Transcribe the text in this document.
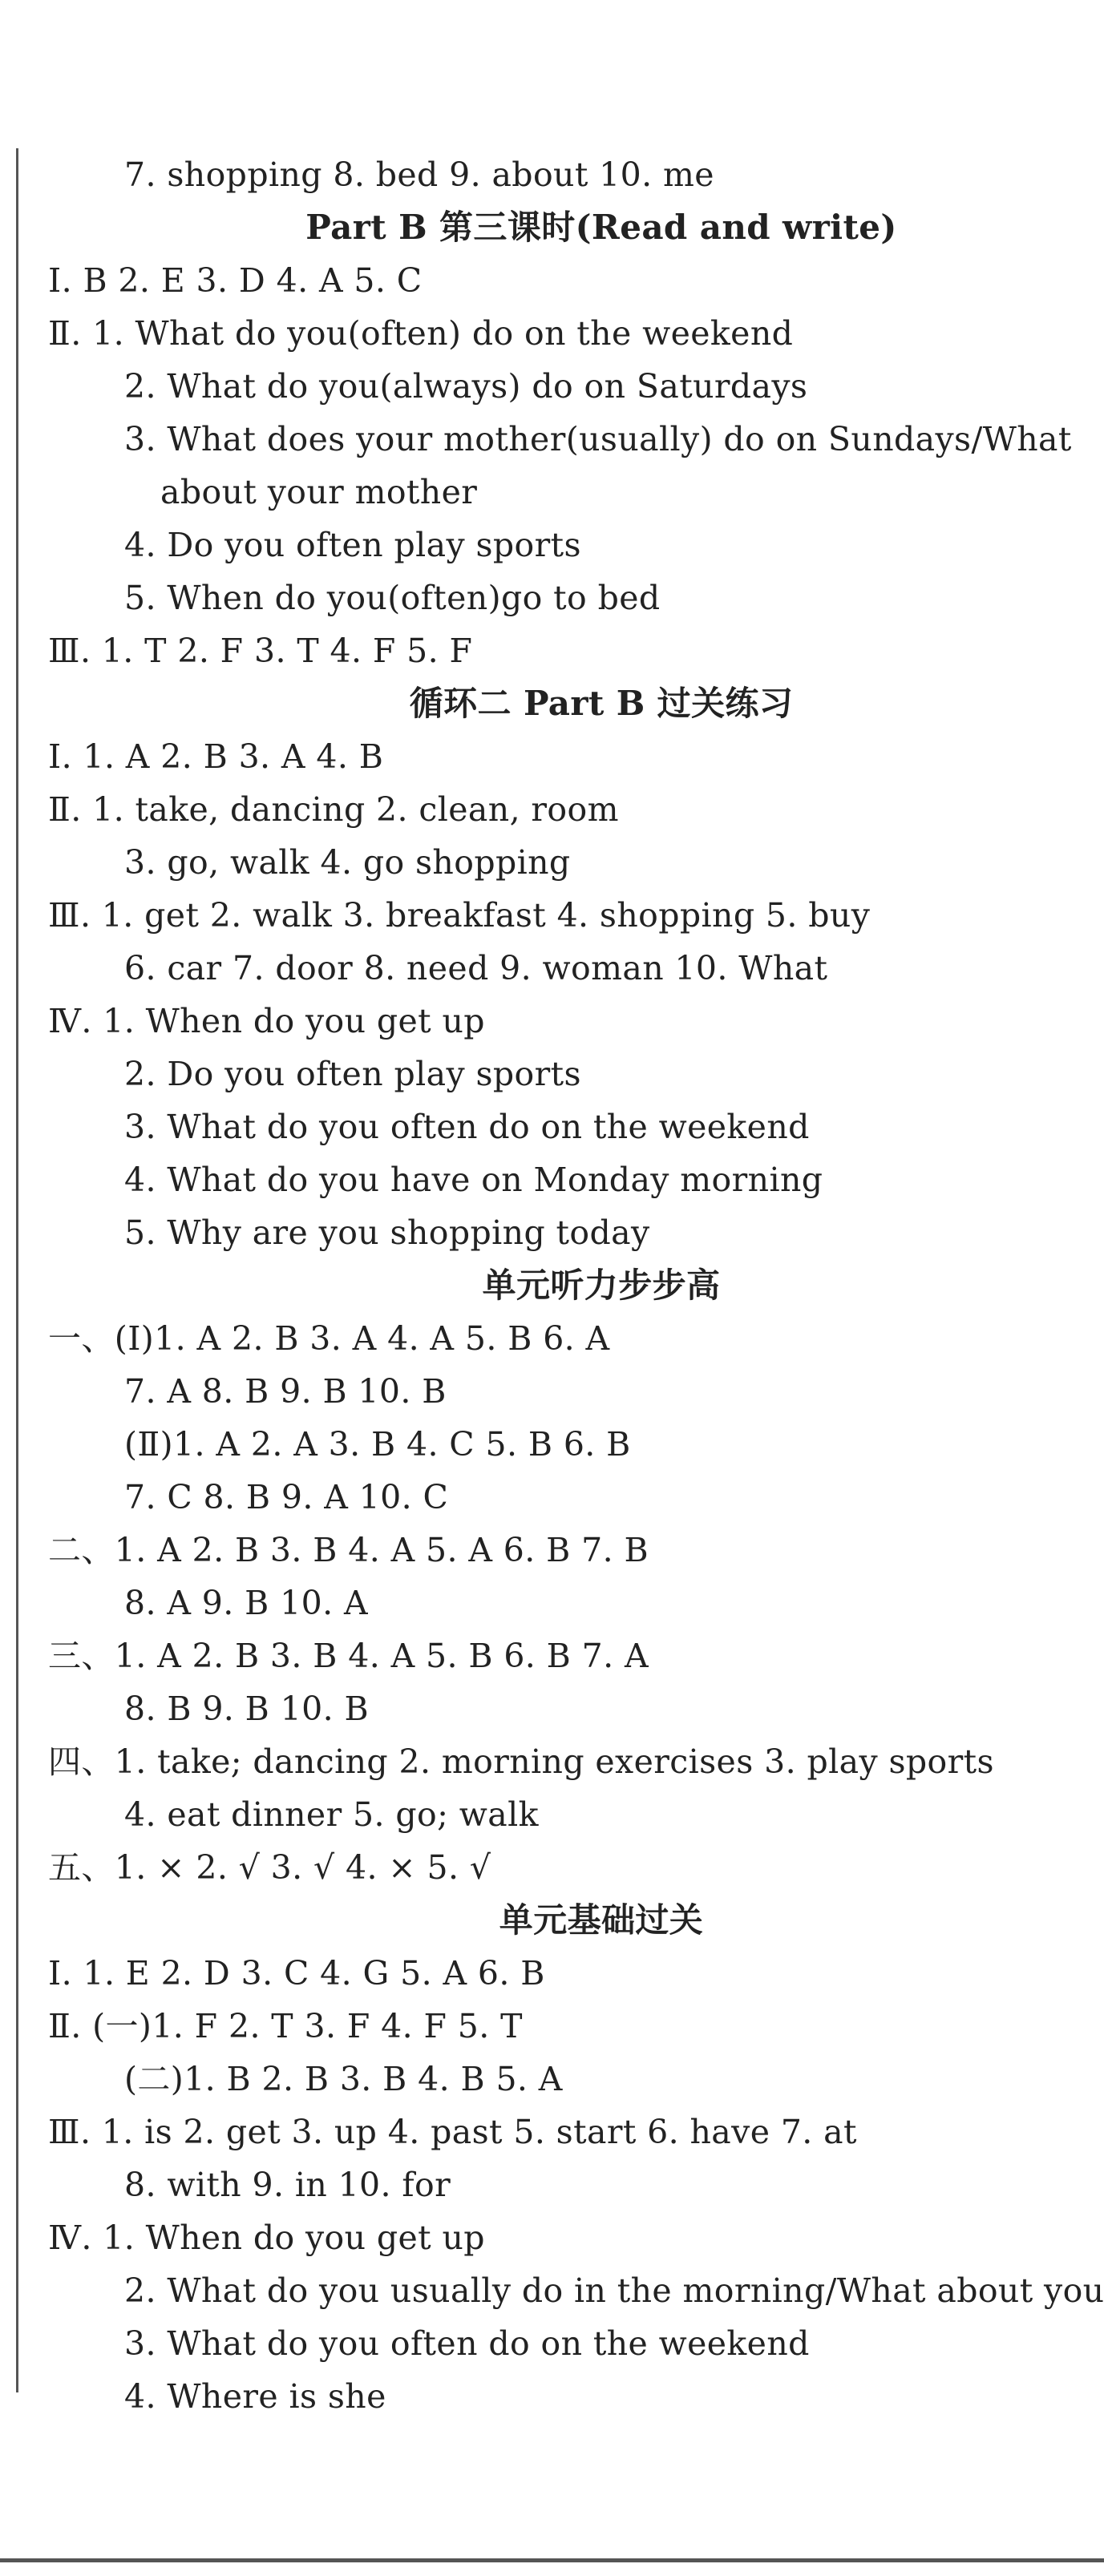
7. shopping 8. bed 9. about 10. me
Part B 第三课时(Read and write)
Ⅰ. B 2. E 3. D 4. A 5. C
Ⅱ. 1. What do you(often) do on the weekend
2. What do you(always) do on Saturdays
3. What does your mother(usually) do on Sundays/What
about your mother
4. Do you often play sports
5. When do you(often)go to bed
Ⅲ. 1. T 2. F 3. T 4. F 5. F
循环二 Part B 过关练习
Ⅰ. 1. A 2. B 3. A 4. B
Ⅱ. 1. take, dancing 2. clean, room
3. go, walk 4. go shopping
Ⅲ. 1. get 2. walk 3. breakfast 4. shopping 5. buy
6. car 7. door 8. need 9. woman 10. What
Ⅳ. 1. When do you get up
2. Do you often play sports
3. What do you often do on the weekend
4. What do you have on Monday morning
5. Why are you shopping today
单元听力步步高
一、(Ⅰ)1. A 2. B 3. A 4. A 5. B 6. A
7. A 8. B 9. B 10. B
(Ⅱ)1. A 2. A 3. B 4. C 5. B 6. B
7. C 8. B 9. A 10. C
二、1. A 2. B 3. B 4. A 5. A 6. B 7. B
8. A 9. B 10. A
三、1. A 2. B 3. B 4. A 5. B 6. B 7. A
8. B 9. B 10. B
四、1. take; dancing 2. morning exercises 3. play sports
4. eat dinner 5. go; walk
五、1. × 2. √ 3. √ 4. × 5. √
单元基础过关
Ⅰ. 1. E 2. D 3. C 4. G 5. A 6. B
Ⅱ. (一)1. F 2. T 3. F 4. F 5. T
(二)1. B 2. B 3. B 4. B 5. A
Ⅲ. 1. is 2. get 3. up 4. past 5. start 6. have 7. at
8. with 9. in 10. for
Ⅳ. 1. When do you get up
2. What do you usually do in the morning/What about you
3. What do you often do on the weekend
4. Where is she
